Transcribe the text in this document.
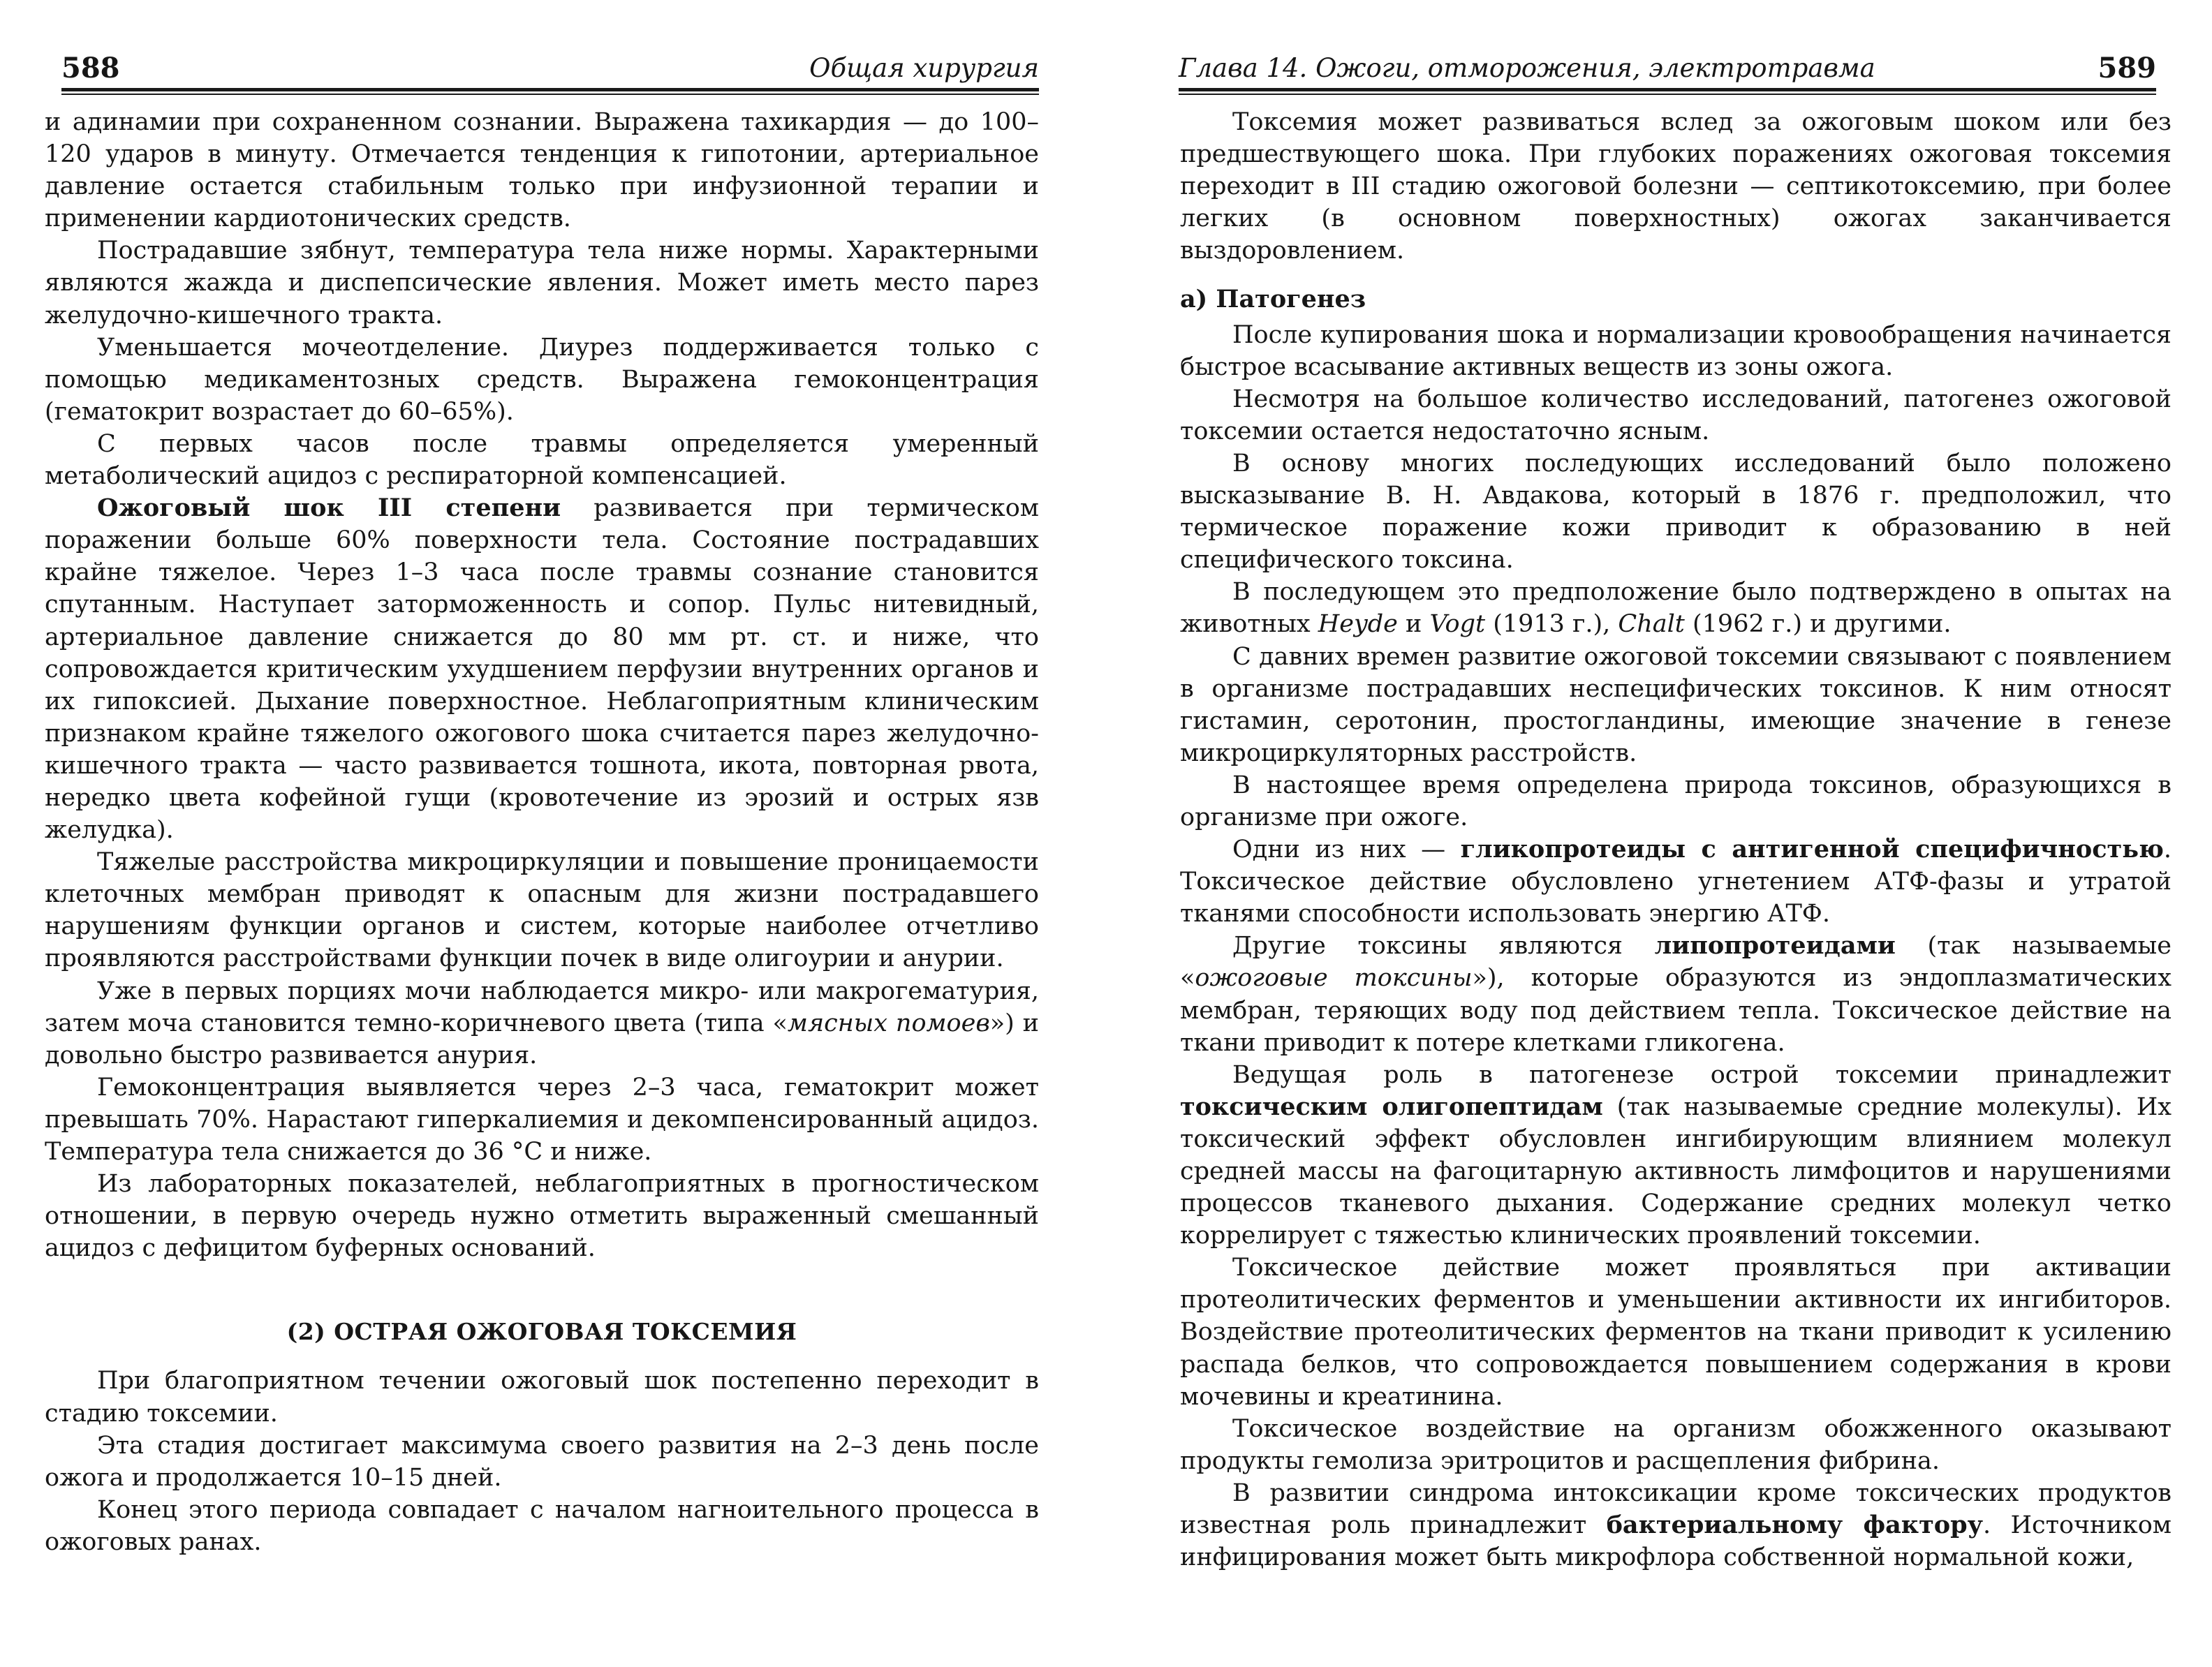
588	Общая хирургия

и адинамии при сохраненном сознании. Выражена тахикардия — до 100–120 ударов в минуту. Отмечается тенденция к гипотонии, артериальное давление остается стабильным только при инфузионной терапии и применении кардиотонических средств.

Пострадавшие зябнут, температура тела ниже нормы. Характерными являются жажда и диспепсические явления. Может иметь место парез желудочно-кишечного тракта.

Уменьшается мочеотделение. Диурез поддерживается только с помощью медикаментозных средств. Выражена гемоконцентрация (гематокрит возрастает до 60–65%).

С первых часов после травмы определяется умеренный метаболический ацидоз с респираторной компенсацией.

Ожоговый шок III степени развивается при термическом поражении больше 60% поверхности тела. Состояние пострадавших крайне тяжелое. Через 1–3 часа после травмы сознание становится спутанным. Наступает заторможенность и сопор. Пульс нитевидный, артериальное давление снижается до 80 мм рт. ст. и ниже, что сопровождается критическим ухудшением перфузии внутренних органов и их гипоксией. Дыхание поверхностное. Неблагоприятным клиническим признаком крайне тяжелого ожогового шока считается парез желудочно-кишечного тракта — часто развивается тошнота, икота, повторная рвота, нередко цвета кофейной гущи (кровотечение из эрозий и острых язв желудка).

Тяжелые расстройства микроциркуляции и повышение проницаемости клеточных мембран приводят к опасным для жизни пострадавшего нарушениям функции органов и систем, которые наиболее отчетливо проявляются расстройствами функции почек в виде олигоурии и анурии.

Уже в первых порциях мочи наблюдается микро- или макрогематурия, затем моча становится темно-коричневого цвета (типа «мясных помоев») и довольно быстро развивается анурия.

Гемоконцентрация выявляется через 2–3 часа, гематокрит может превышать 70%. Нарастают гиперкалиемия и декомпенсированный ацидоз. Температура тела снижается до 36 °C и ниже.

Из лабораторных показателей, неблагоприятных в прогностическом отношении, в первую очередь нужно отметить выраженный смешанный ацидоз с дефицитом буферных оснований.

(2) ОСТРАЯ ОЖОГОВАЯ ТОКСЕМИЯ

При благоприятном течении ожоговый шок постепенно переходит в стадию токсемии.

Эта стадия достигает максимума своего развития на 2–3 день после ожога и продолжается 10–15 дней.

Конец этого периода совпадает с началом нагноительного процесса в ожоговых ранах.

Глава 14. Ожоги, отморожения, электротравма	589

Токсемия может развиваться вслед за ожоговым шоком или без предшествующего шока. При глубоких поражениях ожоговая токсемия переходит в III стадию ожоговой болезни — септикотоксемию, при более легких (в основном поверхностных) ожогах заканчивается выздоровлением.

а) Патогенез

После купирования шока и нормализации кровообращения начинается быстрое всасывание активных веществ из зоны ожога.

Несмотря на большое количество исследований, патогенез ожоговой токсемии остается недостаточно ясным.

В основу многих последующих исследований было положено высказывание В. Н. Авдакова, который в 1876 г. предположил, что термическое поражение кожи приводит к образованию в ней специфического токсина.

В последующем это предположение было подтверждено в опытах на животных Heyde и Vogt (1913 г.), Chalt (1962 г.) и другими.

С давних времен развитие ожоговой токсемии связывают с появлением в организме пострадавших неспецифических токсинов. К ним относят гистамин, серотонин, простогландины, имеющие значение в генезе микроциркуляторных расстройств.

В настоящее время определена природа токсинов, образующихся в организме при ожоге.

Одни из них — гликопротеиды с антигенной специфичностью. Токсическое действие обусловлено угнетением АТФ-фазы и утратой тканями способности использовать энергию АТФ.

Другие токсины являются липопротеидами (так называемые «ожоговые токсины»), которые образуются из эндоплазматических мембран, теряющих воду под действием тепла. Токсическое действие на ткани приводит к потере клетками гликогена.

Ведущая роль в патогенезе острой токсемии принадлежит токсическим олигопептидам (так называемые средние молекулы). Их токсический эффект обусловлен ингибирующим влиянием молекул средней массы на фагоцитарную активность лимфоцитов и нарушениями процессов тканевого дыхания. Содержание средних молекул четко коррелирует с тяжестью клинических проявлений токсемии.

Токсическое действие может проявляться при активации протеолитических ферментов и уменьшении активности их ингибиторов. Воздействие протеолитических ферментов на ткани приводит к усилению распада белков, что сопровождается повышением содержания в крови мочевины и креатинина.

Токсическое воздействие на организм обожженного оказывают продукты гемолиза эритроцитов и расщепления фибрина.

В развитии синдрома интоксикации кроме токсических продуктов известная роль принадлежит бактериальному фактору. Источником инфицирования может быть микрофлора собственной нормальной кожи,
